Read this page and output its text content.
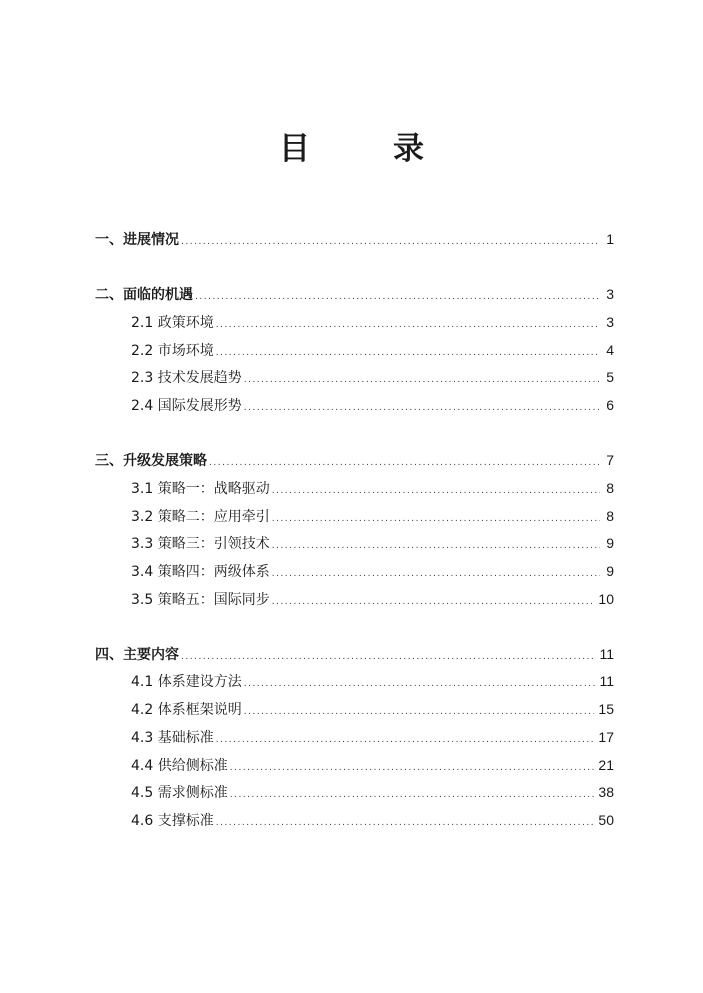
目　录
一、进展情况 .....	1
二、面临的机遇 .....	3
2.1 政策环境 .....	3
2.2 市场环境 .....	4
2.3 技术发展趋势 .....	5
2.4 国际发展形势 .....	6
三、升级发展策略 .....	7
3.1 策略一：战略驱动 .....	8
3.2 策略二：应用牵引 .....	8
3.3 策略三：引领技术 .....	9
3.4 策略四：两级体系 .....	9
3.5 策略五：国际同步 .....	10
四、主要内容 .....	11
4.1 体系建设方法 .....	11
4.2 体系框架说明 .....	15
4.3 基础标准 .....	17
4.4 供给侧标准 .....	21
4.5 需求侧标准 .....	38
4.6 支撑标准 .....	50
